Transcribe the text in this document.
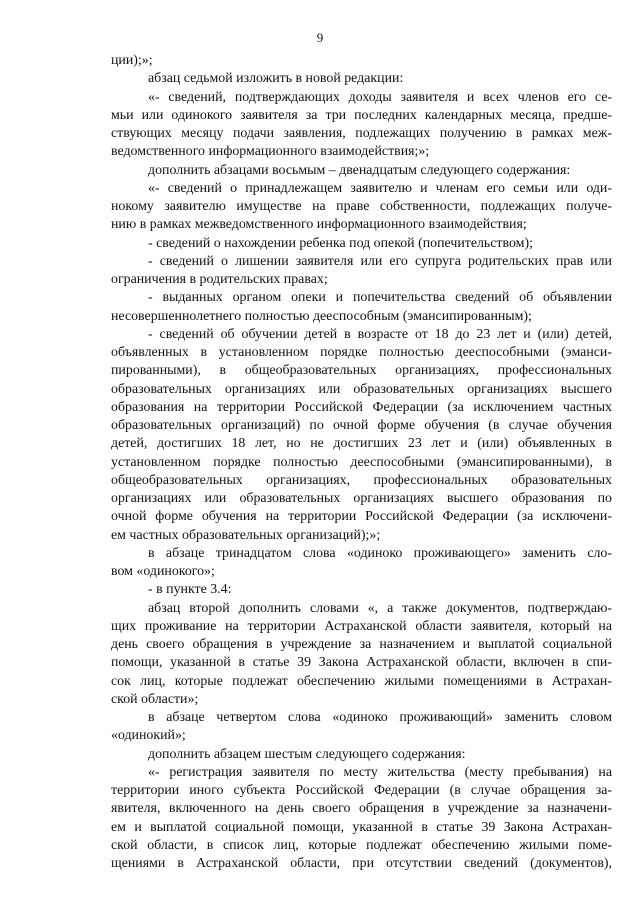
9
ции);»;
абзац седьмой изложить в новой редакции:
«- сведений, подтверждающих доходы заявителя и всех членов его се-
мьи или одинокого заявителя за три последних календарных месяца, предше-
ствующих месяцу подачи заявления, подлежащих получению в рамках меж-
ведомственного информационного взаимодействия;»;
дополнить абзацами восьмым – двенадцатым следующего содержания:
«- сведений о принадлежащем заявителю и членам его семьи или оди-
нокому заявителю имуществе на праве собственности, подлежащих получе-
нию в рамках межведомственного информационного взаимодействия;
- сведений о нахождении ребенка под опекой (попечительством);
- сведений о лишении заявителя или его супруга родительских прав или
ограничения в родительских правах;
- выданных органом опеки и попечительства сведений об объявлении
несовершеннолетнего полностью дееспособным (эмансипированным);
- сведений об обучении детей в возрасте от 18 до 23 лет и (или) детей,
объявленных в установленном порядке полностью дееспособными (эманси-
пированными), в общеобразовательных организациях, профессиональных
образовательных организациях или образовательных организациях высшего
образования на территории Российской Федерации (за исключением частных
образовательных организаций) по очной форме обучения (в случае обучения
детей, достигших 18 лет, но не достигших 23 лет и (или) объявленных в
установленном порядке полностью дееспособными (эмансипированными), в
общеобразовательных организациях, профессиональных образовательных
организациях или образовательных организациях высшего образования по
очной форме обучения на территории Российской Федерации (за исключени-
ем частных образовательных организаций);»;
в абзаце тринадцатом слова «одиноко проживающего» заменить сло-
вом «одинокого»;
- в пункте 3.4:
абзац второй дополнить словами «, а также документов, подтверждаю-
щих проживание на территории Астраханской области заявителя, который на
день своего обращения в учреждение за назначением и выплатой социальной
помощи, указанной в статье 39 Закона Астраханской области, включен в спи-
сок лиц, которые подлежат обеспечению жилыми помещениями в Астрахан-
ской области»;
в абзаце четвертом слова «одиноко проживающий» заменить словом
«одинокий»;
дополнить абзацем шестым следующего содержания:
«- регистрация заявителя по месту жительства (месту пребывания) на
территории иного субъекта Российской Федерации (в случае обращения за-
явителя, включенного на день своего обращения в учреждение за назначени-
ем и выплатой социальной помощи, указанной в статье 39 Закона Астрахан-
ской области, в список лиц, которые подлежат обеспечению жилыми поме-
щениями в Астраханской области, при отсутствии сведений (документов),
